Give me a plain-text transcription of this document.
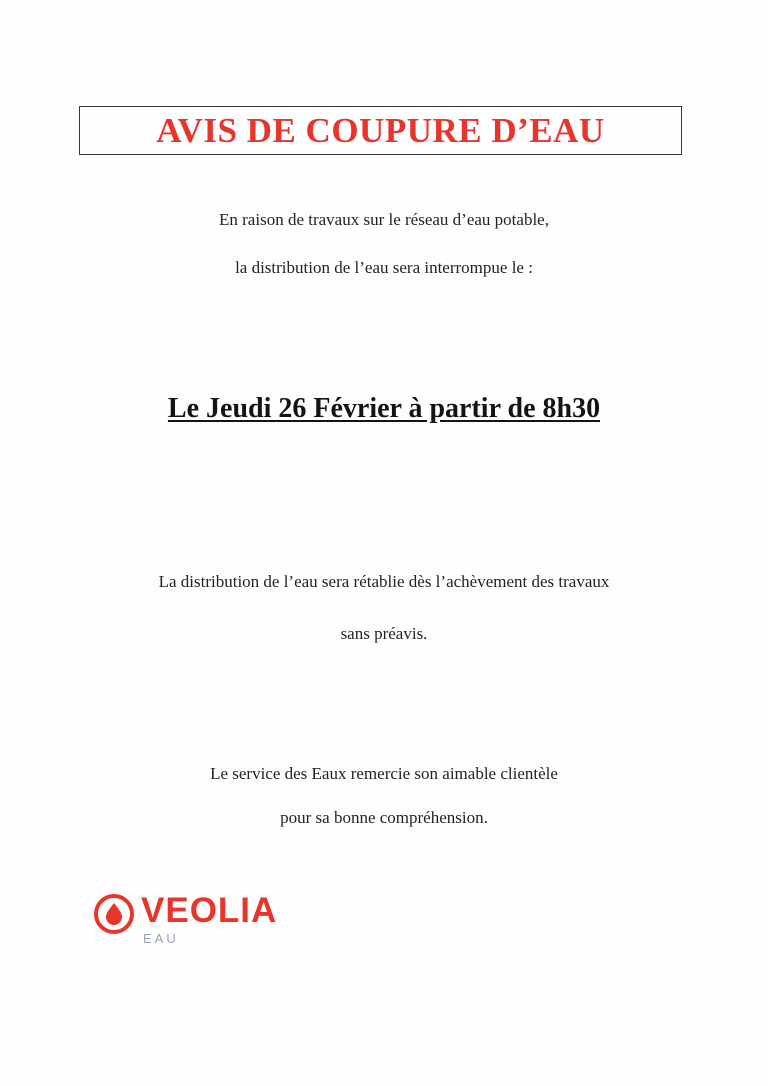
AVIS DE COUPURE D’EAU
En raison de travaux sur le réseau d’eau potable,
la distribution de l’eau sera interrompue le :
Le Jeudi 26 Février à partir de 8h30
La distribution de l’eau sera rétablie dès l’achèvement des travaux
sans préavis.
Le service des Eaux remercie son aimable clientèle
pour sa bonne compréhension.
VEOLIA
EAU
